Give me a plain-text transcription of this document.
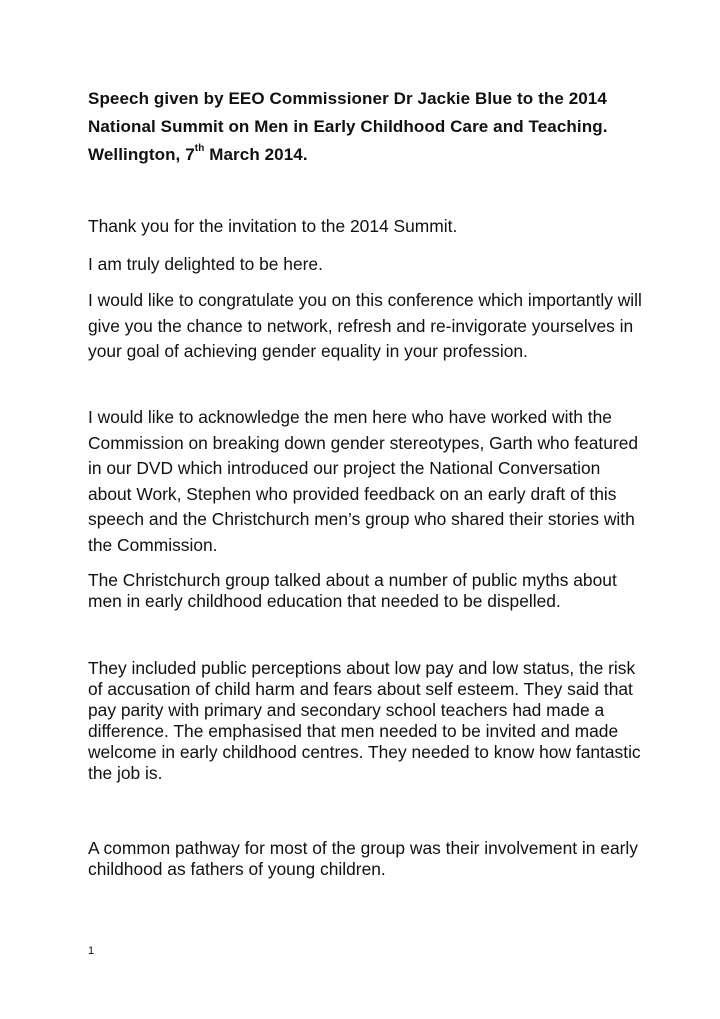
Speech given by EEO Commissioner Dr Jackie Blue to the 2014 National Summit on Men in Early Childhood Care and Teaching. Wellington, 7th March 2014.

Thank you for the invitation to the 2014 Summit.

I am truly delighted to be here.

I would like to congratulate you on this conference which importantly will give you the chance to network, refresh and re-invigorate yourselves in your goal of achieving gender equality in your profession.

I would like to acknowledge the men here who have worked with the Commission on breaking down gender stereotypes, Garth who featured in our DVD which introduced our project the National Conversation about Work, Stephen who provided feedback on an early draft of this speech and the Christchurch men’s group who shared their stories with the Commission.

The Christchurch group talked about a number of public myths about men in early childhood education that needed to be dispelled.

They included public perceptions about low pay and low status, the risk of accusation of child harm and fears about self esteem. They said that pay parity with primary and secondary school teachers had made a difference. The emphasised that men needed to be invited and made welcome in early childhood centres. They needed to know how fantastic the job is.

A common pathway for most of the group was their involvement in early childhood as fathers of young children.

1
